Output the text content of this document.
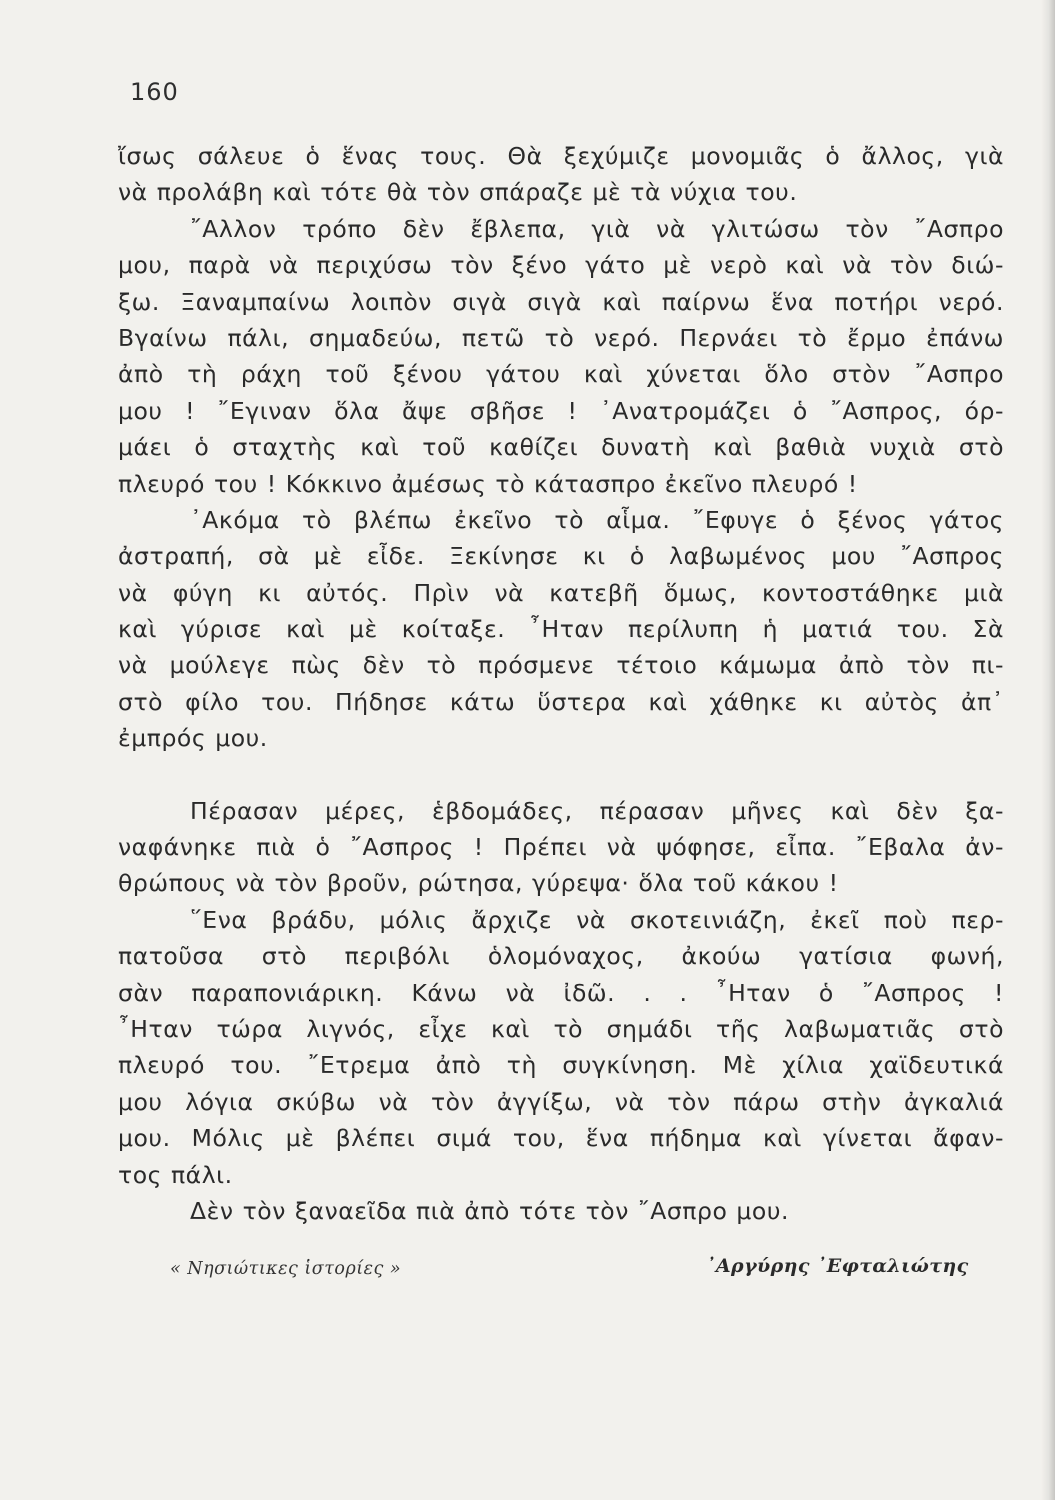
160
ἴσως σάλευε ὁ ἕνας τους. Θὰ ξεχύμιζε μονομιᾶς ὁ ἄλλος, γιὰ
νὰ προλάβη καὶ τότε θὰ τὸν σπάραζε μὲ τὰ νύχια του.
῎Αλλον τρόπο δὲν ἔβλεπα, γιὰ νὰ γλιτώσω τὸν ῎Ασπρο
μου, παρὰ νὰ περιχύσω τὸν ξένο γάτο μὲ νερὸ καὶ νὰ τὸν διώ-
ξω. Ξαναμπαίνω λοιπὸν σιγὰ σιγὰ καὶ παίρνω ἕνα ποτήρι νερό.
Βγαίνω πάλι, σημαδεύω, πετῶ τὸ νερό. Περνάει τὸ ἔρμο ἐπάνω
ἀπὸ τὴ ράχη τοῦ ξένου γάτου καὶ χύνεται ὅλο στὸν ῎Ασπρο
μου ! ῎Εγιναν ὅλα ἄψε σβῆσε ! ᾿Ανατρομάζει ὁ ῎Ασπρος, όρ-
μάει ὁ σταχτὴς καὶ τοῦ καθίζει δυνατὴ καὶ βαθιὰ νυχιὰ στὸ
πλευρό του ! Κόκκινο ἀμέσως τὸ κάτασπρο ἐκεῖνο πλευρό !
᾿Ακόμα τὸ βλέπω ἐκεῖνο τὸ αἷμα. ῎Εφυγε ὁ ξένος γάτος
ἀστραπή, σὰ μὲ εἶδε. Ξεκίνησε κι ὁ λαβωμένος μου ῎Ασπρος
νὰ φύγη κι αὐτός. Πρὶν νὰ κατεβῆ ὅμως, κοντοστάθηκε μιὰ
καὶ γύρισε καὶ μὲ κοίταξε. ῏Ηταν περίλυπη ἡ ματιά του. Σὰ
νὰ μούλεγε πὼς δὲν τὸ πρόσμενε τέτοιο κάμωμα ἀπὸ τὸν πι-
στὸ φίλο του. Πήδησε κάτω ὕστερα καὶ χάθηκε κι αὐτὸς ἀπ᾿
ἐμπρός μου.
Πέρασαν μέρες, ἑβδομάδες, πέρασαν μῆνες καὶ δὲν ξα-
ναφάνηκε πιὰ ὁ ῎Ασπρος ! Πρέπει νὰ ψόφησε, εἶπα. ῎Εβαλα ἀν-
θρώπους νὰ τὸν βροῦν, ρώτησα, γύρεψα· ὅλα τοῦ κάκου !
῞Ενα βράδυ, μόλις ἄρχιζε νὰ σκοτεινιάζη, ἐκεῖ ποὺ περ-
πατοῦσα στὸ περιβόλι ὁλομόναχος, ἀκούω γατίσια φωνή,
σὰν παραπονιάρικη. Κάνω νὰ ἰδῶ. . . ῏Ηταν ὁ ῎Ασπρος !
῏Ηταν τώρα λιγνός, εἶχε καὶ τὸ σημάδι τῆς λαβωματιᾶς στὸ
πλευρό του. ῎Ετρεμα ἀπὸ τὴ συγκίνηση. Μὲ χίλια χαϊδευτικά
μου λόγια σκύβω νὰ τὸν ἀγγίξω, νὰ τὸν πάρω στὴν ἀγκαλιά
μου. Μόλις μὲ βλέπει σιμά του, ἕνα πήδημα καὶ γίνεται ἄφαν-
τος πάλι.
Δὲν τὸν ξαναεῖδα πιὰ ἀπὸ τότε τὸν ῎Ασπρο μου.
« Νησιώτικες ἱστορίες »	᾿Αργύρης ᾿Εφταλιώτης
